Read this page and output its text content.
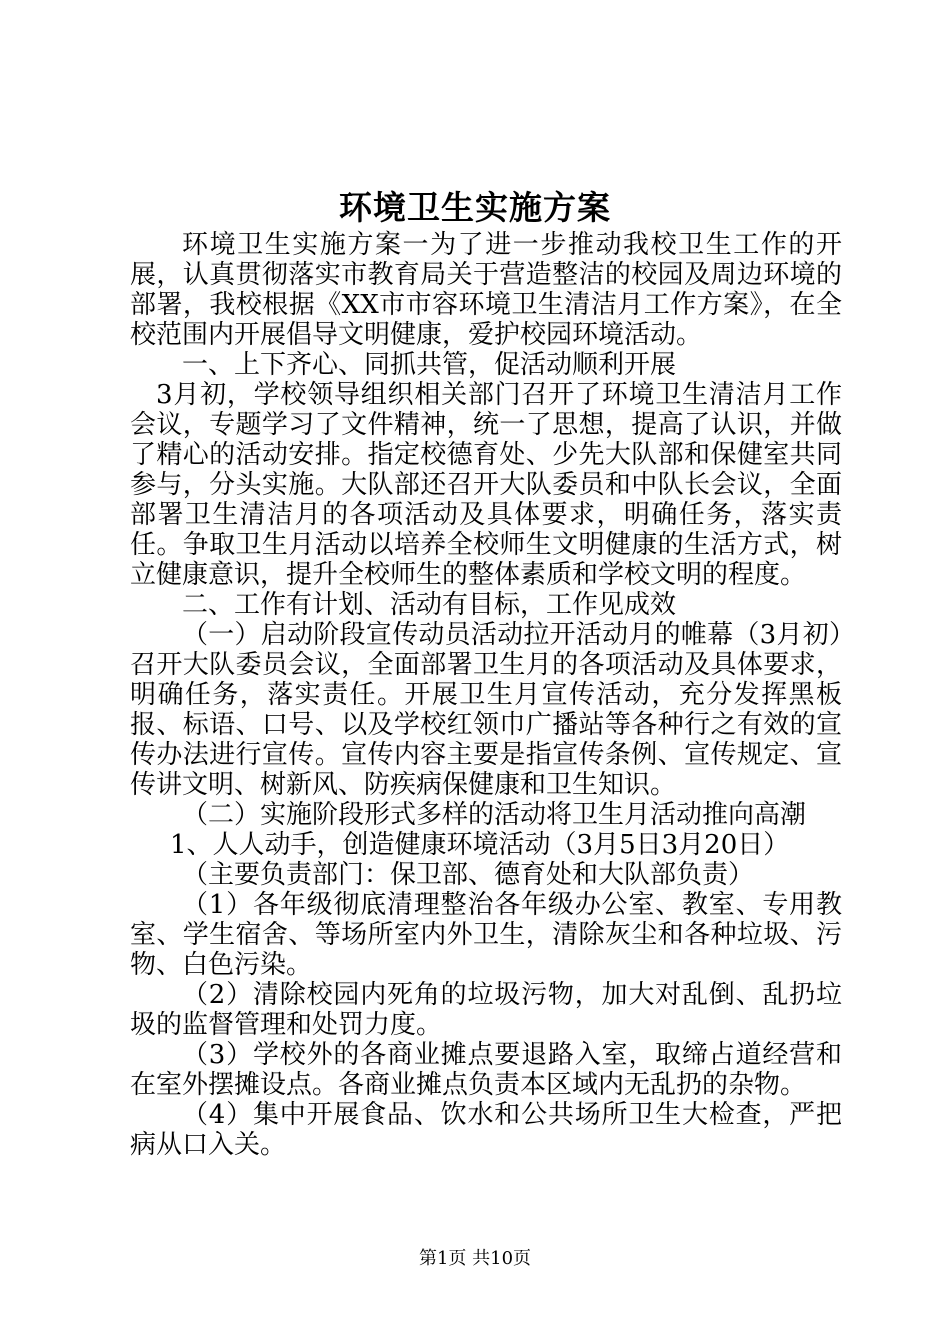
环境卫生实施方案

环境卫生实施方案一为了进一步推动我校卫生工作的开展，认真贯彻落实市教育局关于营造整洁的校园及周边环境的部署，我校根据《XX市市容环境卫生清洁月工作方案》，在全校范围内开展倡导文明健康，爱护校园环境活动。

一、上下齐心、同抓共管，促活动顺利开展

3月初，学校领导组织相关部门召开了环境卫生清洁月工作会议，专题学习了文件精神，统一了思想，提高了认识，并做了精心的活动安排。指定校德育处、少先大队部和保健室共同参与，分头实施。大队部还召开大队委员和中队长会议，全面部署卫生清洁月的各项活动及具体要求，明确任务，落实责任。争取卫生月活动以培养全校师生文明健康的生活方式，树立健康意识，提升全校师生的整体素质和学校文明的程度。

二、工作有计划、活动有目标，工作见成效

（一）启动阶段宣传动员活动拉开活动月的帷幕（3月初）召开大队委员会议，全面部署卫生月的各项活动及具体要求，明确任务，落实责任。开展卫生月宣传活动，充分发挥黑板报、标语、口号、以及学校红领巾广播站等各种行之有效的宣传办法进行宣传。宣传内容主要是指宣传条例、宣传规定、宣传讲文明、树新风、防疾病保健康和卫生知识。

（二）实施阶段形式多样的活动将卫生月活动推向高潮

1、人人动手，创造健康环境活动（3月5日3月20日）

（主要负责部门：保卫部、德育处和大队部负责）

（1）各年级彻底清理整治各年级办公室、教室、专用教室、学生宿舍、等场所室内外卫生，清除灰尘和各种垃圾、污物、白色污染。

（2）清除校园内死角的垃圾污物，加大对乱倒、乱扔垃圾的监督管理和处罚力度。

（3）学校外的各商业摊点要退路入室，取缔占道经营和在室外摆摊设点。各商业摊点负责本区域内无乱扔的杂物。

（4）集中开展食品、饮水和公共场所卫生大检查，严把病从口入关。

第1页 共10页
